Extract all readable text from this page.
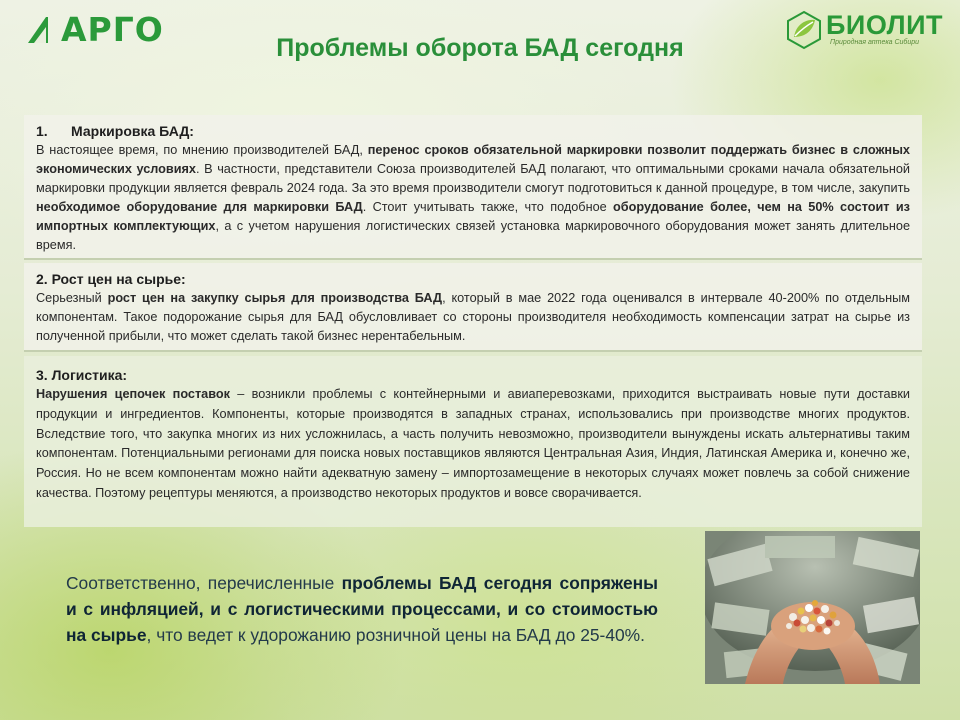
АРГО	БИОЛИТ
Природная аптека Сибири
Проблемы оборота БАД сегодня
1. Маркировка БАД:

В настоящее время, по мнению производителей БАД, перенос сроков обязательной маркировки позволит поддержать бизнес в сложных экономических условиях. В частности, представители Союза производителей БАД полагают, что оптимальными сроками начала обязательной маркировки продукции является февраль 2024 года. За это время производители смогут подготовиться к данной процедуре, в том числе, закупить необходимое оборудование для маркировки БАД. Стоит учитывать также, что подобное оборудование более, чем на 50% состоит из импортных комплектующих, а с учетом нарушения логистических связей установка маркировочного оборудования может занять длительное время.

2. Рост цен на сырье:

Серьезный рост цен на закупку сырья для производства БАД, который в мае 2022 года оценивался в интервале 40-200% по отдельным компонентам. Такое подорожание сырья для БАД обусловливает со стороны производителя необходимость компенсации затрат на сырье из полученной прибыли, что может сделать такой бизнес нерентабельным.

3. Логистика:

Нарушения цепочек поставок – возникли проблемы с контейнерными и авиаперевозками, приходится выстраивать новые пути доставки продукции и ингредиентов. Компоненты, которые производятся в западных странах, использовались при производстве многих продуктов. Вследствие того, что закупка многих из них усложнилась, а часть получить невозможно, производители вынуждены искать альтернативы таким компонентам. Потенциальными регионами для поиска новых поставщиков являются Центральная Азия, Индия, Латинская Америка и, конечно же, Россия. Но не всем компонентам можно найти адекватную замену – импортозамещение в некоторых случаях может повлечь за собой снижение качества. Поэтому рецептуры меняются, а производство некоторых продуктов и вовсе сворачивается.

Соответственно, перечисленные проблемы БАД сегодня сопряжены и с инфляцией, и с логистическими процессами, и со стоимостью на сырье, что ведет к удорожанию розничной цены на БАД до 25-40%.
